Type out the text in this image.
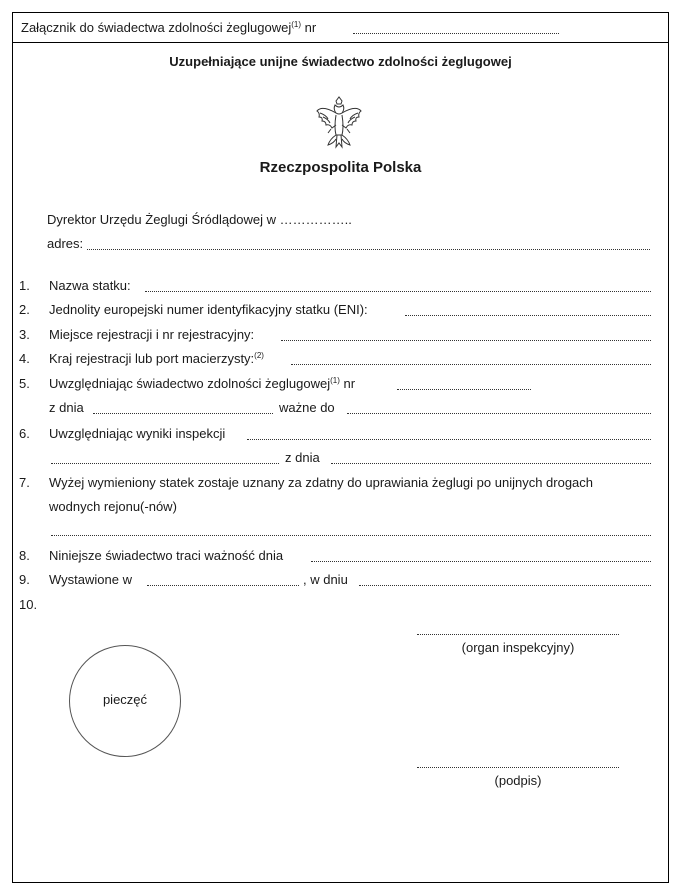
Załącznik do świadectwa zdolności żeglugowej$^{(1)}$ nr
Uzupełniające unijne świadectwo zdolności żeglugowej
Rzeczpospolita Polska
Dyrektor Urzędu Żeglugi Śródlądowej w ……………..
adres:
1.	Nazwa statku:
2.	Jednolity europejski numer identyfikacyjny statku (ENI):
3.	Miejsce rejestracji i nr rejestracyjny:
4.	Kraj rejestracji lub port macierzysty:$^{(2)}$
5.	Uwzględniając świadectwo zdolności żeglugowej$^{(1)}$ nr
z dnia	ważne do
6.	Uwzględniając wyniki inspekcji
z dnia
7.	Wyżej wymieniony statek zostaje uznany za zdatny do uprawiania żeglugi po unijnych drogach
wodnych rejonu(-nów)
8.	Niniejsze świadectwo traci ważność dnia
9.	Wystawione w	, w dniu
10.
(organ inspekcyjny)
pieczęć
(podpis)
